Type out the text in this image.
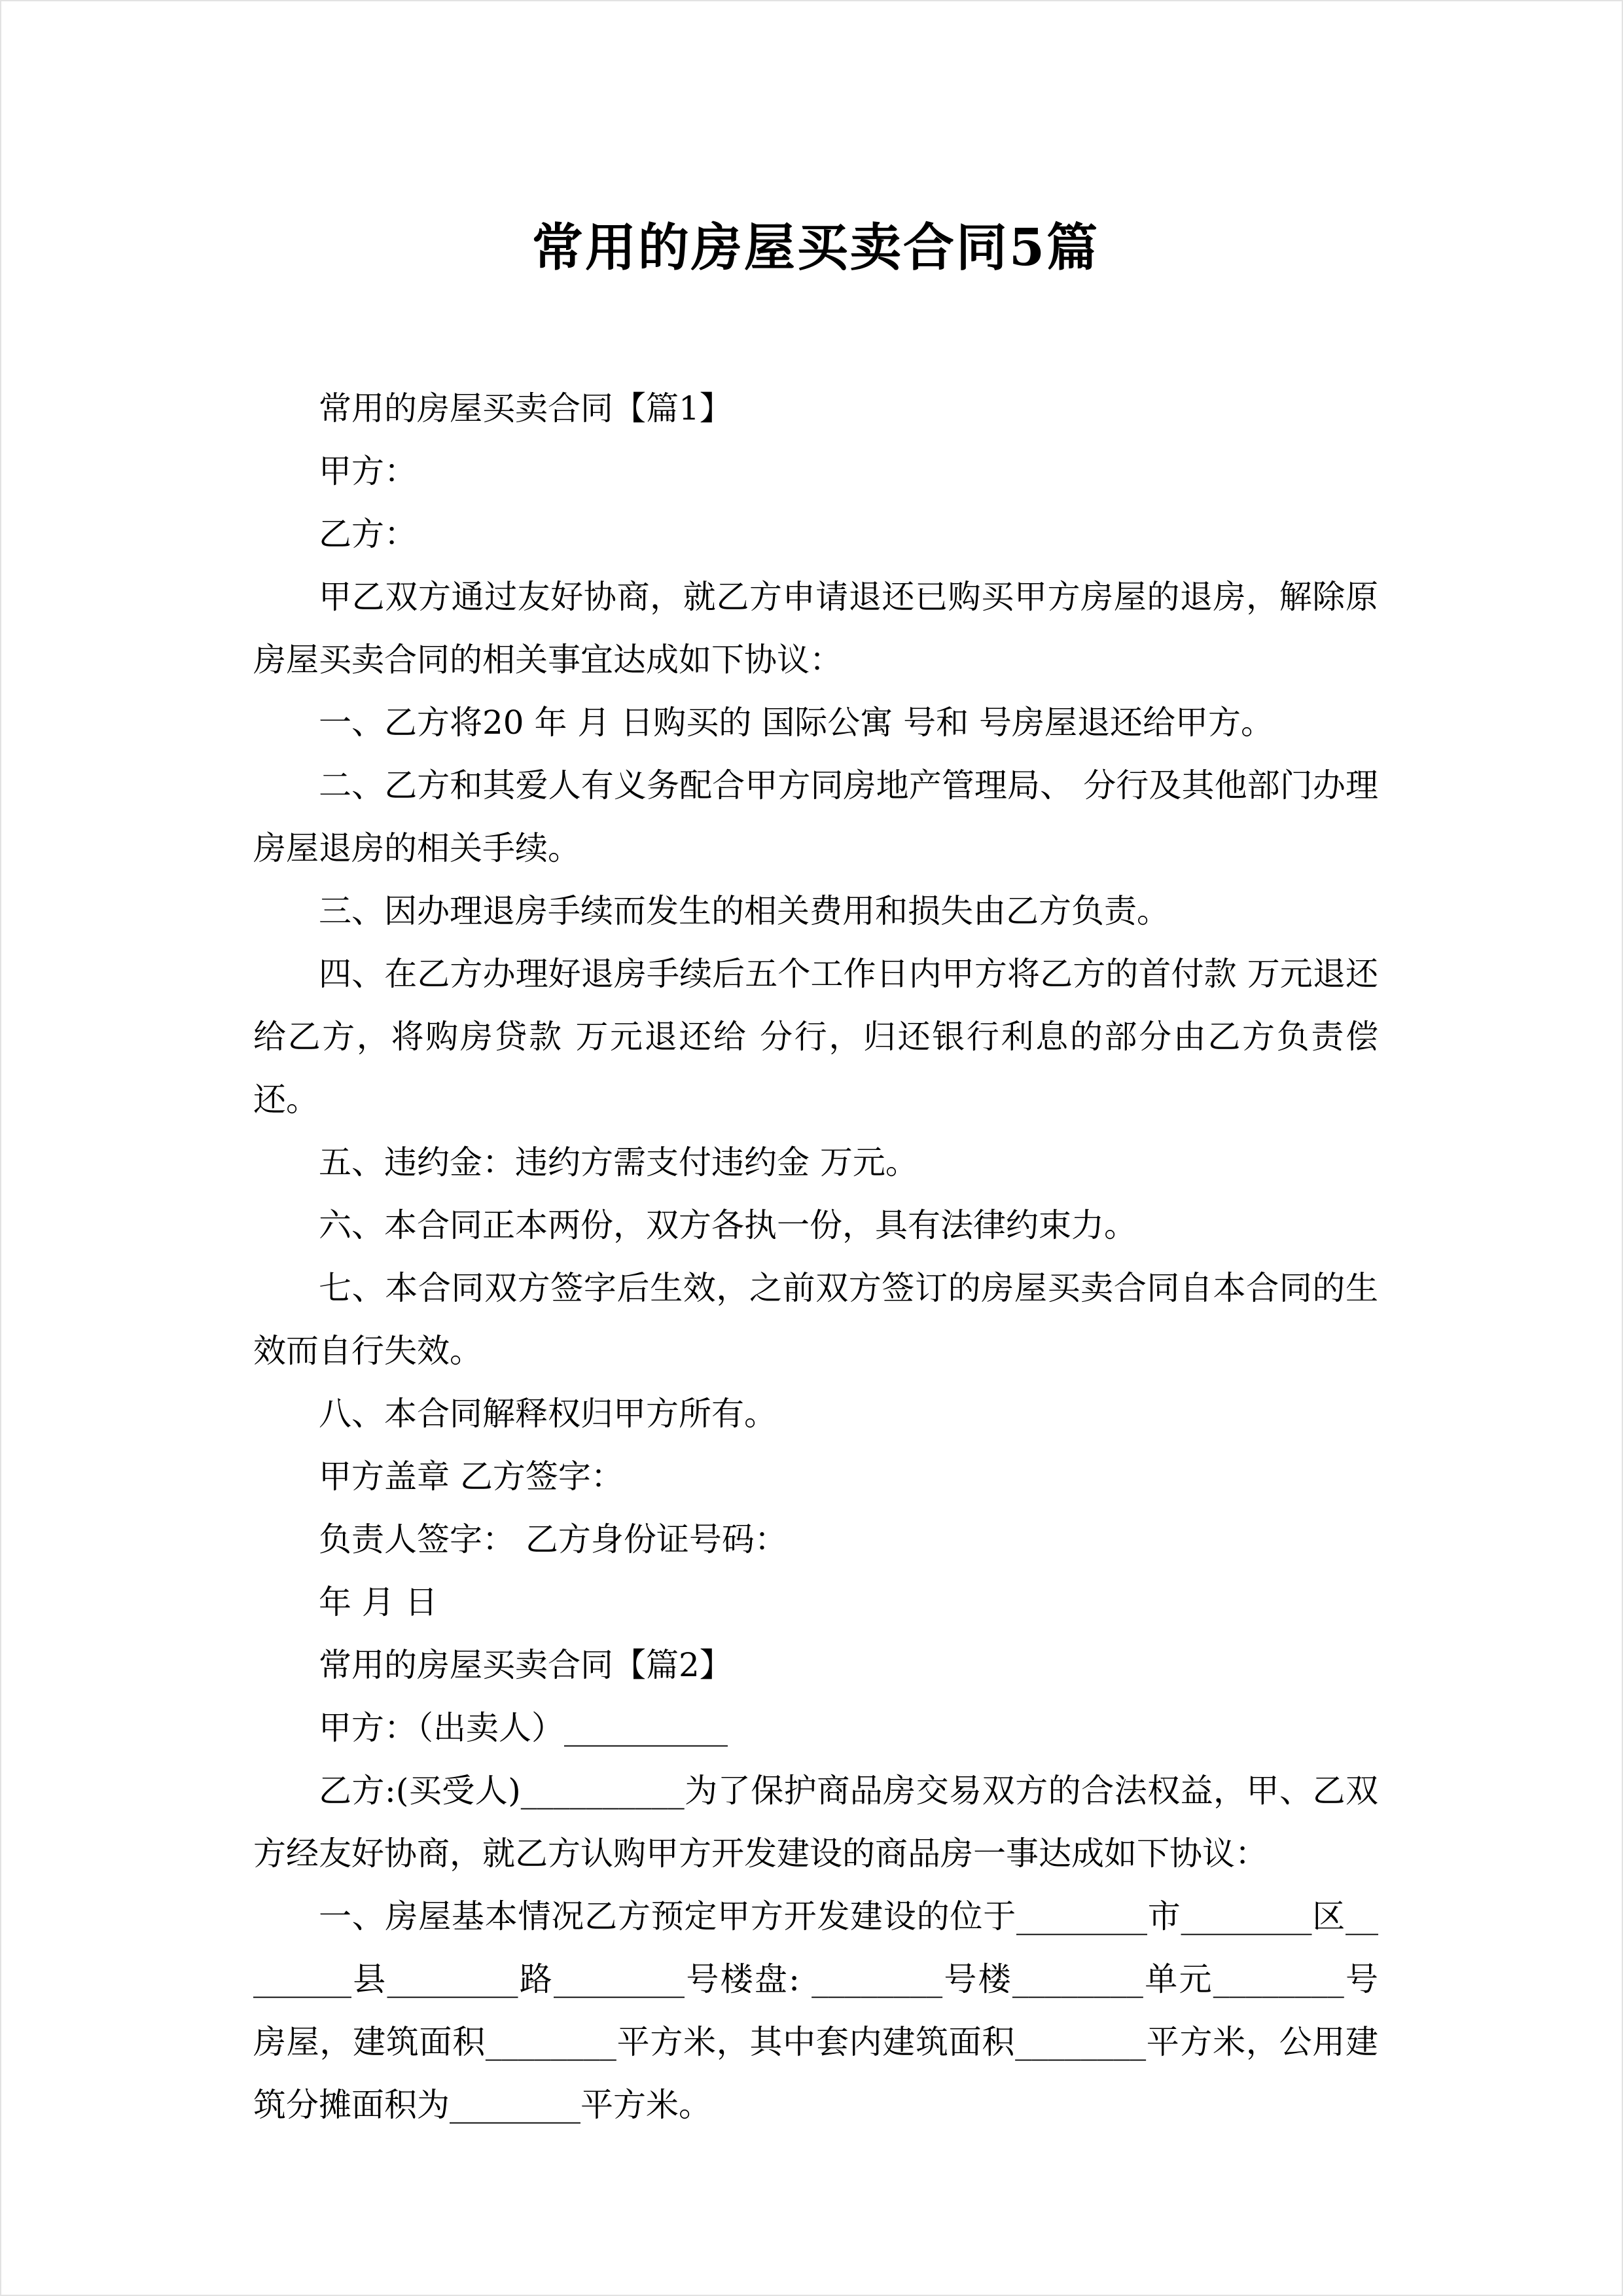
常用的房屋买卖合同5篇

常用的房屋买卖合同【篇1】

甲方：

乙方：

甲乙双方通过友好协商，就乙方申请退还已购买甲方房屋的退房，解除原房屋买卖合同的相关事宜达成如下协议：

一、乙方将20 年 月 日购买的 国际公寓 号和 号房屋退还给甲方。

二、乙方和其爱人有义务配合甲方同房地产管理局、 分行及其他部门办理房屋退房的相关手续。

三、因办理退房手续而发生的相关费用和损失由乙方负责。

四、在乙方办理好退房手续后五个工作日内甲方将乙方的首付款 万元退还给乙方，将购房贷款 万元退还给 分行，归还银行利息的部分由乙方负责偿还。

五、违约金：违约方需支付违约金 万元。

六、本合同正本两份，双方各执一份，具有法律约束力。

七、本合同双方签字后生效，之前双方签订的房屋买卖合同自本合同的生效而自行失效。

八、本合同解释权归甲方所有。

甲方盖章 乙方签字：

负责人签字： 乙方身份证号码：

年 月 日

常用的房屋买卖合同【篇2】

甲方：（出卖人）__________

乙方:(买受人)__________为了保护商品房交易双方的合法权益，甲、乙双方经友好协商，就乙方认购甲方开发建设的商品房一事达成如下协议：

一、房屋基本情况乙方预定甲方开发建设的位于________市________区________县________路________号楼盘: ________号楼________单元________号房屋，建筑面积________平方米，其中套内建筑面积________平方米，公用建筑分摊面积为________平方米。
